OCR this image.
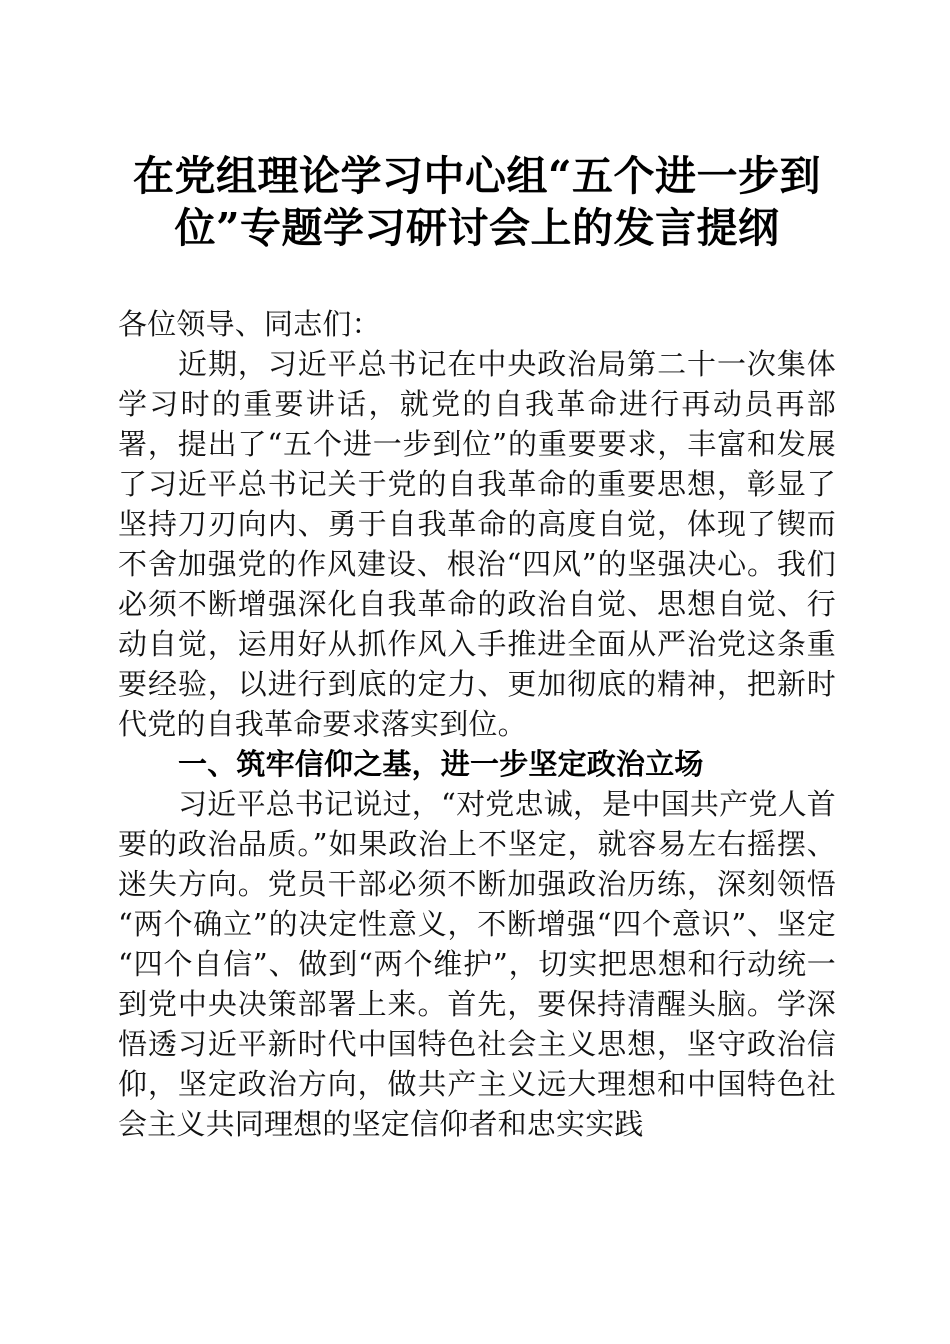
在党组理论学习中心组“五个进一步到位”专题学习研讨会上的发言提纲

各位领导、同志们：

近期，习近平总书记在中央政治局第二十一次集体学习时的重要讲话，就党的自我革命进行再动员再部署，提出了“五个进一步到位”的重要要求，丰富和发展了习近平总书记关于党的自我革命的重要思想，彰显了坚持刀刃向内、勇于自我革命的高度自觉，体现了锲而不舍加强党的作风建设、根治“四风”的坚强决心。我们必须不断增强深化自我革命的政治自觉、思想自觉、行动自觉，运用好从抓作风入手推进全面从严治党这条重要经验，以进行到底的定力、更加彻底的精神，把新时代党的自我革命要求落实到位。

一、筑牢信仰之基，进一步坚定政治立场

习近平总书记说过，“对党忠诚，是中国共产党人首要的政治品质。”如果政治上不坚定，就容易左右摇摆、迷失方向。党员干部必须不断加强政治历练，深刻领悟“两个确立”的决定性意义，不断增强“四个意识”、坚定“四个自信”、做到“两个维护”，切实把思想和行动统一到党中央决策部署上来。首先，要保持清醒头脑。学深悟透习近平新时代中国特色社会主义思想，坚守政治信仰，坚定政治方向，做共产主义远大理想和中国特色社会主义共同理想的坚定信仰者和忠实实践
